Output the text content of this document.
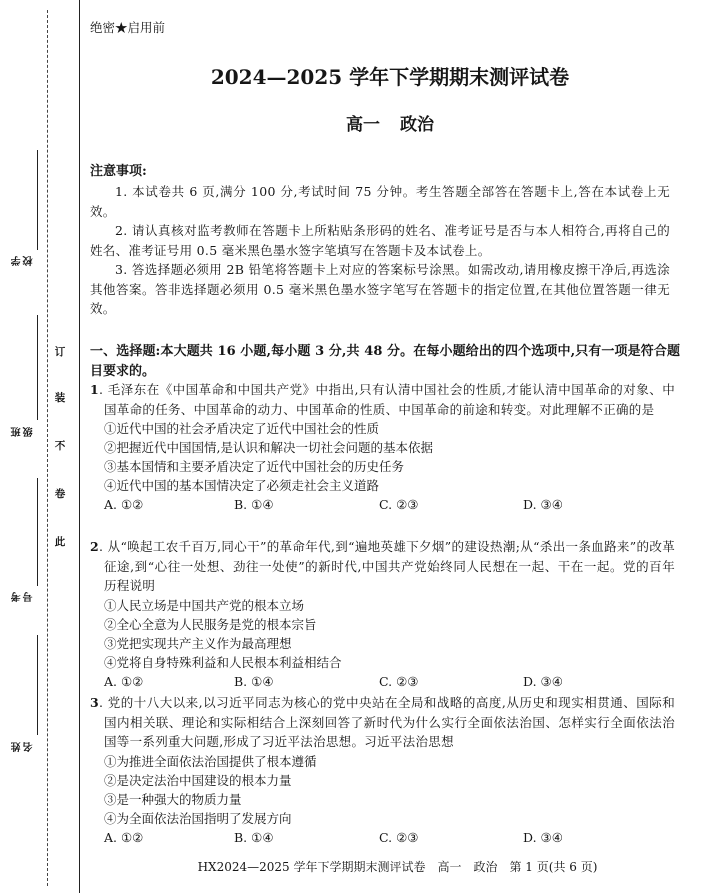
订
装
不
卷
此
学校
班级
考号
姓名
绝密★启用前
2024—2025 学年下学期期末测评试卷
高一 政治
注意事项:
1. 本试卷共 6 页,满分 100 分,考试时间 75 分钟。考生答题全部答在答题卡上,答在本试卷上无效。
2. 请认真核对监考教师在答题卡上所粘贴条形码的姓名、准考证号是否与本人相符合,再将自己的姓名、准考证号用 0.5 毫米黑色墨水签字笔填写在答题卡及本试卷上。
3. 答选择题必须用 2B 铅笔将答题卡上对应的答案标号涂黑。如需改动,请用橡皮擦干净后,再选涂其他答案。答非选择题必须用 0.5 毫米黑色墨水签字笔写在答题卡的指定位置,在其他位置答题一律无效。
一、选择题:本大题共 16 小题,每小题 3 分,共 48 分。在每小题给出的四个选项中,只有一项是符合题目要求的。
1. 毛泽东在《中国革命和中国共产党》中指出,只有认清中国社会的性质,才能认清中国革命的对象、中国革命的任务、中国革命的动力、中国革命的性质、中国革命的前途和转变。对此理解不正确的是
①近代中国的社会矛盾决定了近代中国社会的性质
②把握近代中国国情,是认识和解决一切社会问题的基本依据
③基本国情和主要矛盾决定了近代中国社会的历史任务
④近代中国的基本国情决定了必须走社会主义道路
A. ①②	B. ①④	C. ②③	D. ③④
2. 从“唤起工农千百万,同心干”的革命年代,到“遍地英雄下夕烟”的建设热潮;从“杀出一条血路来”的改革征途,到“心往一处想、劲往一处使”的新时代,中国共产党始终同人民想在一起、干在一起。党的百年历程说明
①人民立场是中国共产党的根本立场
②全心全意为人民服务是党的根本宗旨
③党把实现共产主义作为最高理想
④党将自身特殊利益和人民根本利益相结合
A. ①②	B. ①④	C. ②③	D. ③④
3. 党的十八大以来,以习近平同志为核心的党中央站在全局和战略的高度,从历史和现实相贯通、国际和国内相关联、理论和实际相结合上深刻回答了新时代为什么实行全面依法治国、怎样实行全面依法治国等一系列重大问题,形成了习近平法治思想。习近平法治思想
①为推进全面依法治国提供了根本遵循
②是决定法治中国建设的根本力量
③是一种强大的物质力量
④为全面依法治国指明了发展方向
A. ①②	B. ①④	C. ②③	D. ③④
HX2024—2025 学年下学期期末测评试卷　高一　政治　第 1 页(共 6 页)
